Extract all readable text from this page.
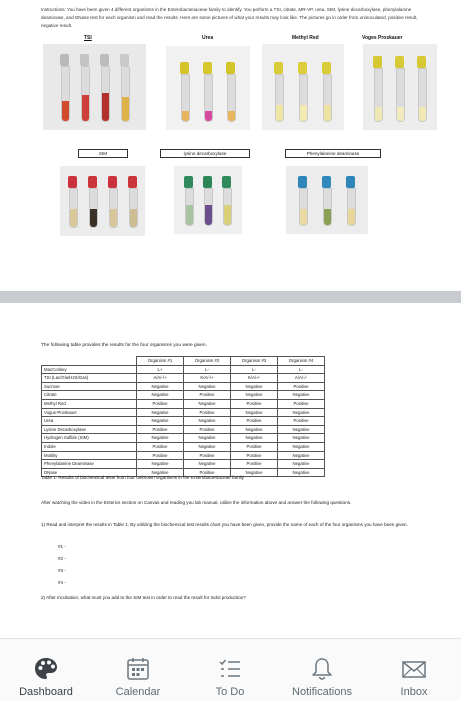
Instructions: You have been given 4 different organisms in the Enterobacteriaceae family to identify. You perform a TSI, citrate, MR-VP, urea, SIM, lysine decarboxylase, phenylalanine deaminase, and DNase test for each organism and read the results. Here are some pictures of what your results may look like. The pictures go in order from uninoculated, positive result, negative result.
TSI	Urea	Methyl Red	Voges Proskauer
SIM	lysine decarboxylase	Phenylalanine deaminase
The following table provides the results for the four organisms you were given.
	Organism #1	Organism #2	Organism #3	Organism #4
MacConkey	L+	L-	L-	L-
TSI (Lac/Glu/H2S/Gas)	A/A/-/+	K/A/-/+	K/A/-/-	A/A/-/-
Sucrose	Negative	Negative	Negative	Positive
Citrate	Negative	Positive	Negative	Negative
Methyl Red	Positive	Negative	Positive	Positive
Vogus-Proskauer	Negative	Positive	Negative	Negative
Urea	Negative	Negative	Positive	Positive
Lysine Decarboxylase	Positive	Positive	Negative	Negative
Hydrogen Sulfide (SIM)	Negative	Negative	Negative	Negative
Indole	Positive	Negative	Positive	Negative
Motility	Positive	Positive	Positive	Negative
Phenylalanine Deaminase	Negative	Negative	Positive	Negative
DNase	Negative	Positive	Negative	Negative
Table 1: Results of biochemical tests from four unknown organisms in the Enterobacteriaceae family
After watching the video in the Enterics section on Canvas and reading you lab manual, utilize the information above and answer the following questions.
1) Read and interpret the results in Table 1. By utilizing the biochemical test results chart you have been given, provide the name of each of the four organisms you have been given.
#1 -
#2 -
#3 -
#4 -
2) After incubation, what must you add to the SIM test in order to read the result for Indol production?
Dashboard	Calendar	To Do	Notifications	Inbox
